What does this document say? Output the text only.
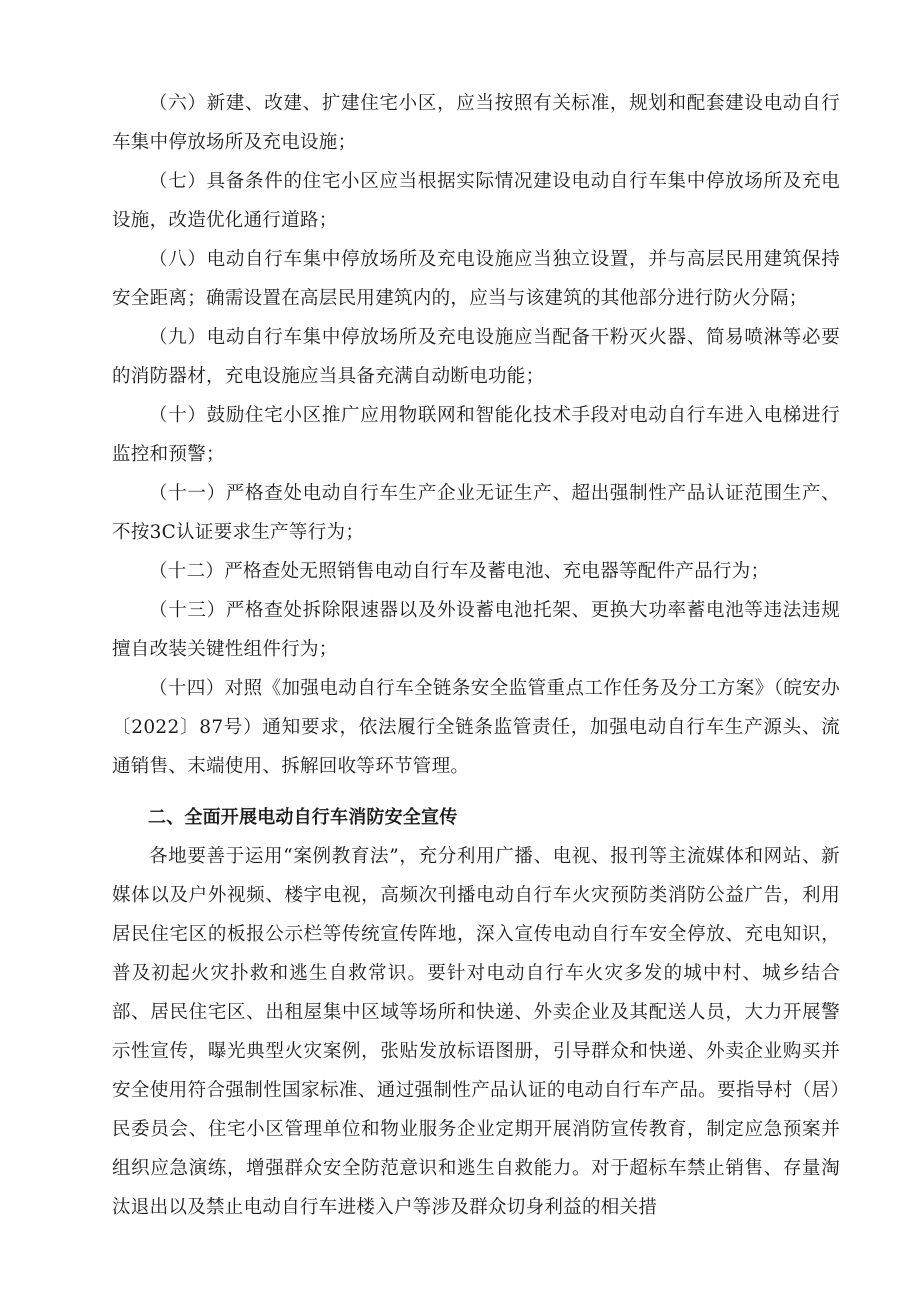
（六）新建、改建、扩建住宅小区，应当按照有关标准，规划和配套建设电动自行车集中停放场所及充电设施；

（七）具备条件的住宅小区应当根据实际情况建设电动自行车集中停放场所及充电设施，改造优化通行道路；

（八）电动自行车集中停放场所及充电设施应当独立设置，并与高层民用建筑保持安全距离；确需设置在高层民用建筑内的，应当与该建筑的其他部分进行防火分隔；

（九）电动自行车集中停放场所及充电设施应当配备干粉灭火器、简易喷淋等必要的消防器材，充电设施应当具备充满自动断电功能；

（十）鼓励住宅小区推广应用物联网和智能化技术手段对电动自行车进入电梯进行监控和预警；

（十一）严格查处电动自行车生产企业无证生产、超出强制性产品认证范围生产、不按3C认证要求生产等行为；

（十二）严格查处无照销售电动自行车及蓄电池、充电器等配件产品行为；

（十三）严格查处拆除限速器以及外设蓄电池托架、更换大功率蓄电池等违法违规擅自改装关键性组件行为；

（十四）对照《加强电动自行车全链条安全监管重点工作任务及分工方案》（皖安办〔2022〕87号）通知要求，依法履行全链条监管责任，加强电动自行车生产源头、流通销售、末端使用、拆解回收等环节管理。

二、全面开展电动自行车消防安全宣传

各地要善于运用“案例教育法”，充分利用广播、电视、报刊等主流媒体和网站、新媒体以及户外视频、楼宇电视，高频次刊播电动自行车火灾预防类消防公益广告，利用居民住宅区的板报公示栏等传统宣传阵地，深入宣传电动自行车安全停放、充电知识，普及初起火灾扑救和逃生自救常识。要针对电动自行车火灾多发的城中村、城乡结合部、居民住宅区、出租屋集中区域等场所和快递、外卖企业及其配送人员，大力开展警示性宣传，曝光典型火灾案例，张贴发放标语图册，引导群众和快递、外卖企业购买并安全使用符合强制性国家标准、通过强制性产品认证的电动自行车产品。要指导村（居）民委员会、住宅小区管理单位和物业服务企业定期开展消防宣传教育，制定应急预案并组织应急演练，增强群众安全防范意识和逃生自救能力。对于超标车禁止销售、存量淘汰退出以及禁止电动自行车进楼入户等涉及群众切身利益的相关措
